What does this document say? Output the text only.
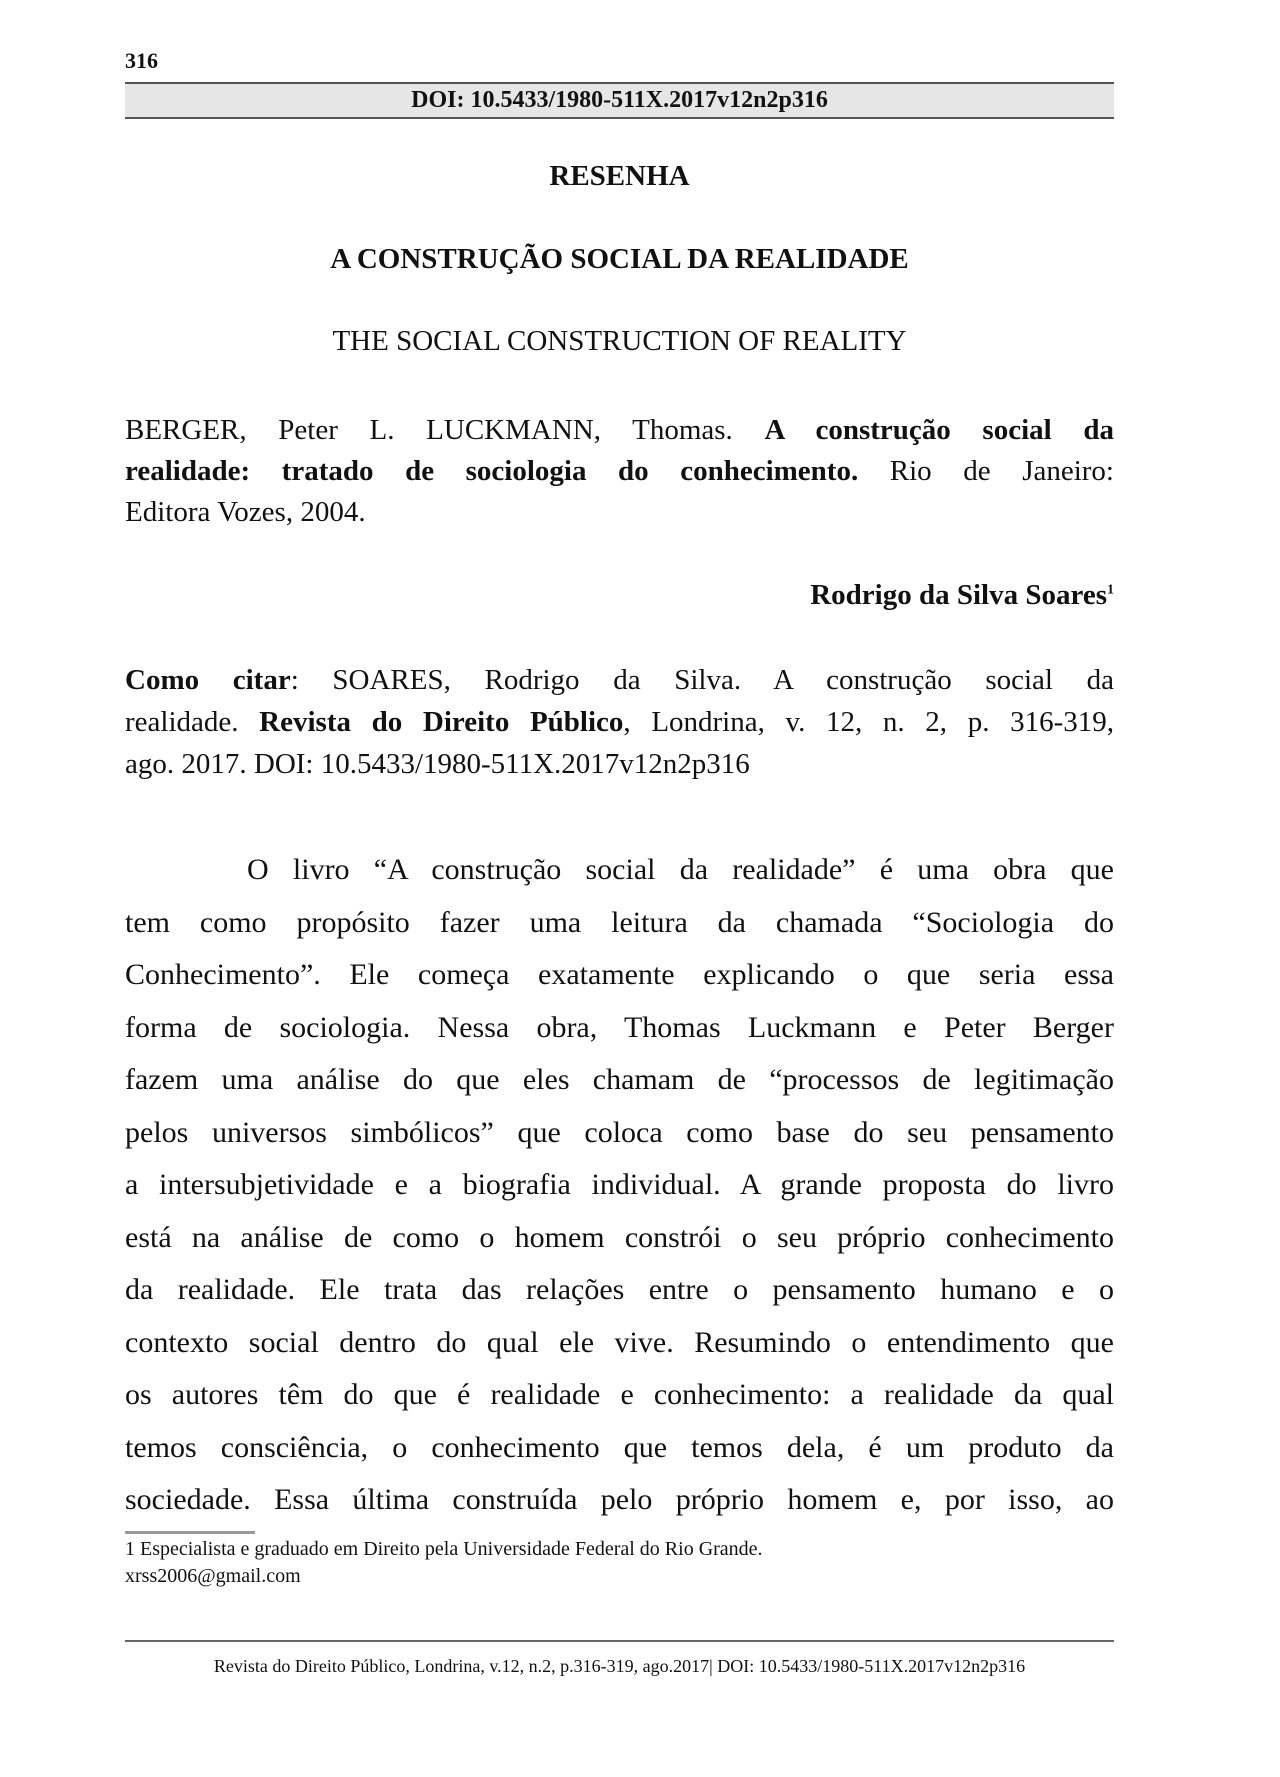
316
DOI: 10.5433/1980-511X.2017v12n2p316
RESENHA
A CONSTRUÇÃO SOCIAL DA REALIDADE
THE SOCIAL CONSTRUCTION OF REALITY
BERGER, Peter L. LUCKMANN, Thomas. A construção social da
realidade: tratado de sociologia do conhecimento. Rio de Janeiro:
Editora Vozes, 2004.
Rodrigo da Silva Soares$^1$
Como citar: SOARES, Rodrigo da Silva. A construção social da
realidade. Revista do Direito Público, Londrina, v. 12, n. 2, p. 316-319,
ago. 2017. DOI: 10.5433/1980-511X.2017v12n2p316
O livro “A construção social da realidade” é uma obra que
tem como propósito fazer uma leitura da chamada “Sociologia do
Conhecimento”. Ele começa exatamente explicando o que seria essa
forma de sociologia. Nessa obra, Thomas Luckmann e Peter Berger
fazem uma análise do que eles chamam de “processos de legitimação
pelos universos simbólicos” que coloca como base do seu pensamento
a intersubjetividade e a biografia individual. A grande proposta do livro
está na análise de como o homem constrói o seu próprio conhecimento
da realidade. Ele trata das relações entre o pensamento humano e o
contexto social dentro do qual ele vive. Resumindo o entendimento que
os autores têm do que é realidade e conhecimento: a realidade da qual
temos consciência, o conhecimento que temos dela, é um produto da
sociedade. Essa última construída pelo próprio homem e, por isso, ao
1 Especialista e graduado em Direito pela Universidade Federal do Rio Grande.
xrss2006@gmail.com
Revista do Direito Público, Londrina, v.12, n.2, p.316-319, ago.2017| DOI: 10.5433/1980-511X.2017v12n2p316
